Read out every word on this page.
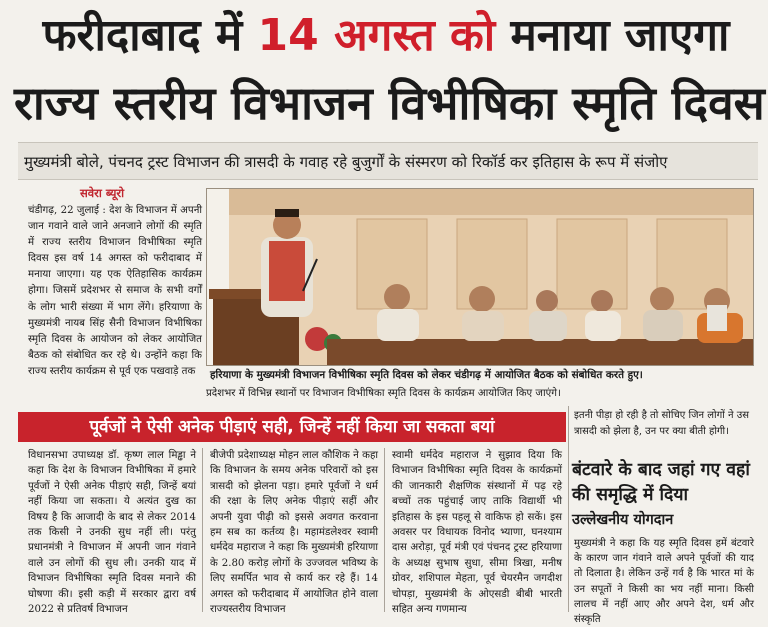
फरीदाबाद में 14 अगस्त को मनाया जाएगा
राज्य स्तरीय विभाजन विभीषिका स्मृति दिवस
मुख्यमंत्री बोले, पंचनद ट्रस्ट विभाजन की त्रासदी के गवाह रहे बुजुर्गों के संस्मरण को रिकॉर्ड कर इतिहास के रूप में संजोए
सवेरा ब्यूरो
चंडीगढ़, 22 जुलाई : देश के विभाजन में अपनी जान गवाने वाले जाने अनजाने लोगों की स्मृति में राज्य स्तरीय विभाजन विभीषिका स्मृति दिवस इस वर्ष 14 अगस्त को फरीदाबाद में मनाया जाएगा। यह एक ऐतिहासिक कार्यक्रम होगा। जिसमें प्रदेशभर से समाज के सभी वर्गों के लोग भारी संख्या में भाग लेंगे। हरियाणा के मुख्यमंत्री नायब सिंह सैनी विभाजन विभीषिका स्मृति दिवस के आयोजन को लेकर आयोजित बैठक को संबोधित कर रहे थे। उन्होंने कहा कि राज्य स्तरीय कार्यक्रम से पूर्व एक पखवाड़े तक	हरियाणा के मुख्यमंत्री विभाजन विभीषिका स्मृति दिवस को लेकर चंडीगढ़ में आयोजित बैठक को संबोधित करते हुए।
प्रदेशभर में विभिन्न स्थानों पर विभाजन विभीषिका स्मृति दिवस के कार्यक्रम आयोजित किए जाएंगे।
पूर्वजों ने ऐसी अनेक पीड़ाएं सही, जिन्हें नहीं किया जा सकता बयां
विधानसभा उपाध्यक्ष डॉ. कृष्ण लाल मिड्ढा ने कहा कि देश के विभाजन विभीषिका में हमारे पूर्वजों ने ऐसी अनेक पीड़ाएं सही, जिन्हें बयां नहीं किया जा सकता। ये अत्यंत दुख का विषय है कि आजादी के बाद से लेकर 2014 तक किसी ने उनकी सुध नहीं ली। परंतु प्रधानमंत्री ने विभाजन में अपनी जान गंवाने वाले उन लोगों की सुध ली। उनकी याद में विभाजन विभीषिका स्मृति दिवस मनाने की घोषणा की। इसी कड़ी में सरकार द्वारा वर्ष 2022 से प्रतिवर्ष विभाजन
बीजेपी प्रदेशाध्यक्ष मोहन लाल कौशिक ने कहा कि विभाजन के समय अनेक परिवारों को इस त्रासदी को झेलना पड़ा। हमारे पूर्वजों ने धर्म की रक्षा के लिए अनेक पीड़ाएं सहीं और अपनी युवा पीढ़ी को इससे अवगत करवाना हम सब का कर्तव्य है। महामंडलेश्वर स्वामी धर्मदेव महाराज ने कहा कि मुख्यमंत्री हरियाणा के 2.80 करोड़ लोगों के उज्जवल भविष्य के लिए समर्पित भाव से कार्य कर रहे हैं। 14 अगस्त को फरीदाबाद में आयोजित होने वाला राज्यस्तरीय विभाजन
स्वामी धर्मदेव महाराज ने सुझाव दिया कि विभाजन विभीषिका स्मृति दिवस के कार्यक्रमों की जानकारी शैक्षणिक संस्थानों में पढ़ रहे बच्चों तक पहुंचाई जाए ताकि विद्यार्थी भी इतिहास के इस पहलू से वाकिफ हो सकें। इस अवसर पर विधायक विनोद भ्याणा, घनश्याम दास अरोड़ा, पूर्व मंत्री एवं पंचनद ट्रस्ट हरियाणा के अध्यक्ष सुभाष सुधा, सीमा त्रिखा, मनीष ग्रोवर, शशिपाल मेहता, पूर्व चेयरमैन जगदीश चोपड़ा, मुख्यमंत्री के ओएसडी बीबी भारती सहित अन्य गणमान्य
इतनी पीड़ा हो रही है तो सोचिए जिन लोगों ने उस त्रासदी को झेला है, उन पर क्या बीती होगी।
बंटवारे के बाद जहां गए वहां की समृद्धि में दिया
उल्लेखनीय योगदान
मुख्यमंत्री ने कहा कि यह स्मृति दिवस हमें बंटवारे के कारण जान गंवाने वाले अपने पूर्वजों की याद तो दिलाता है। लेकिन उन्हें गर्व है कि भारत मां के उन सपूतों ने किसी का भय नहीं माना। किसी लालच में नहीं आए और अपने देश, धर्म और संस्कृति
